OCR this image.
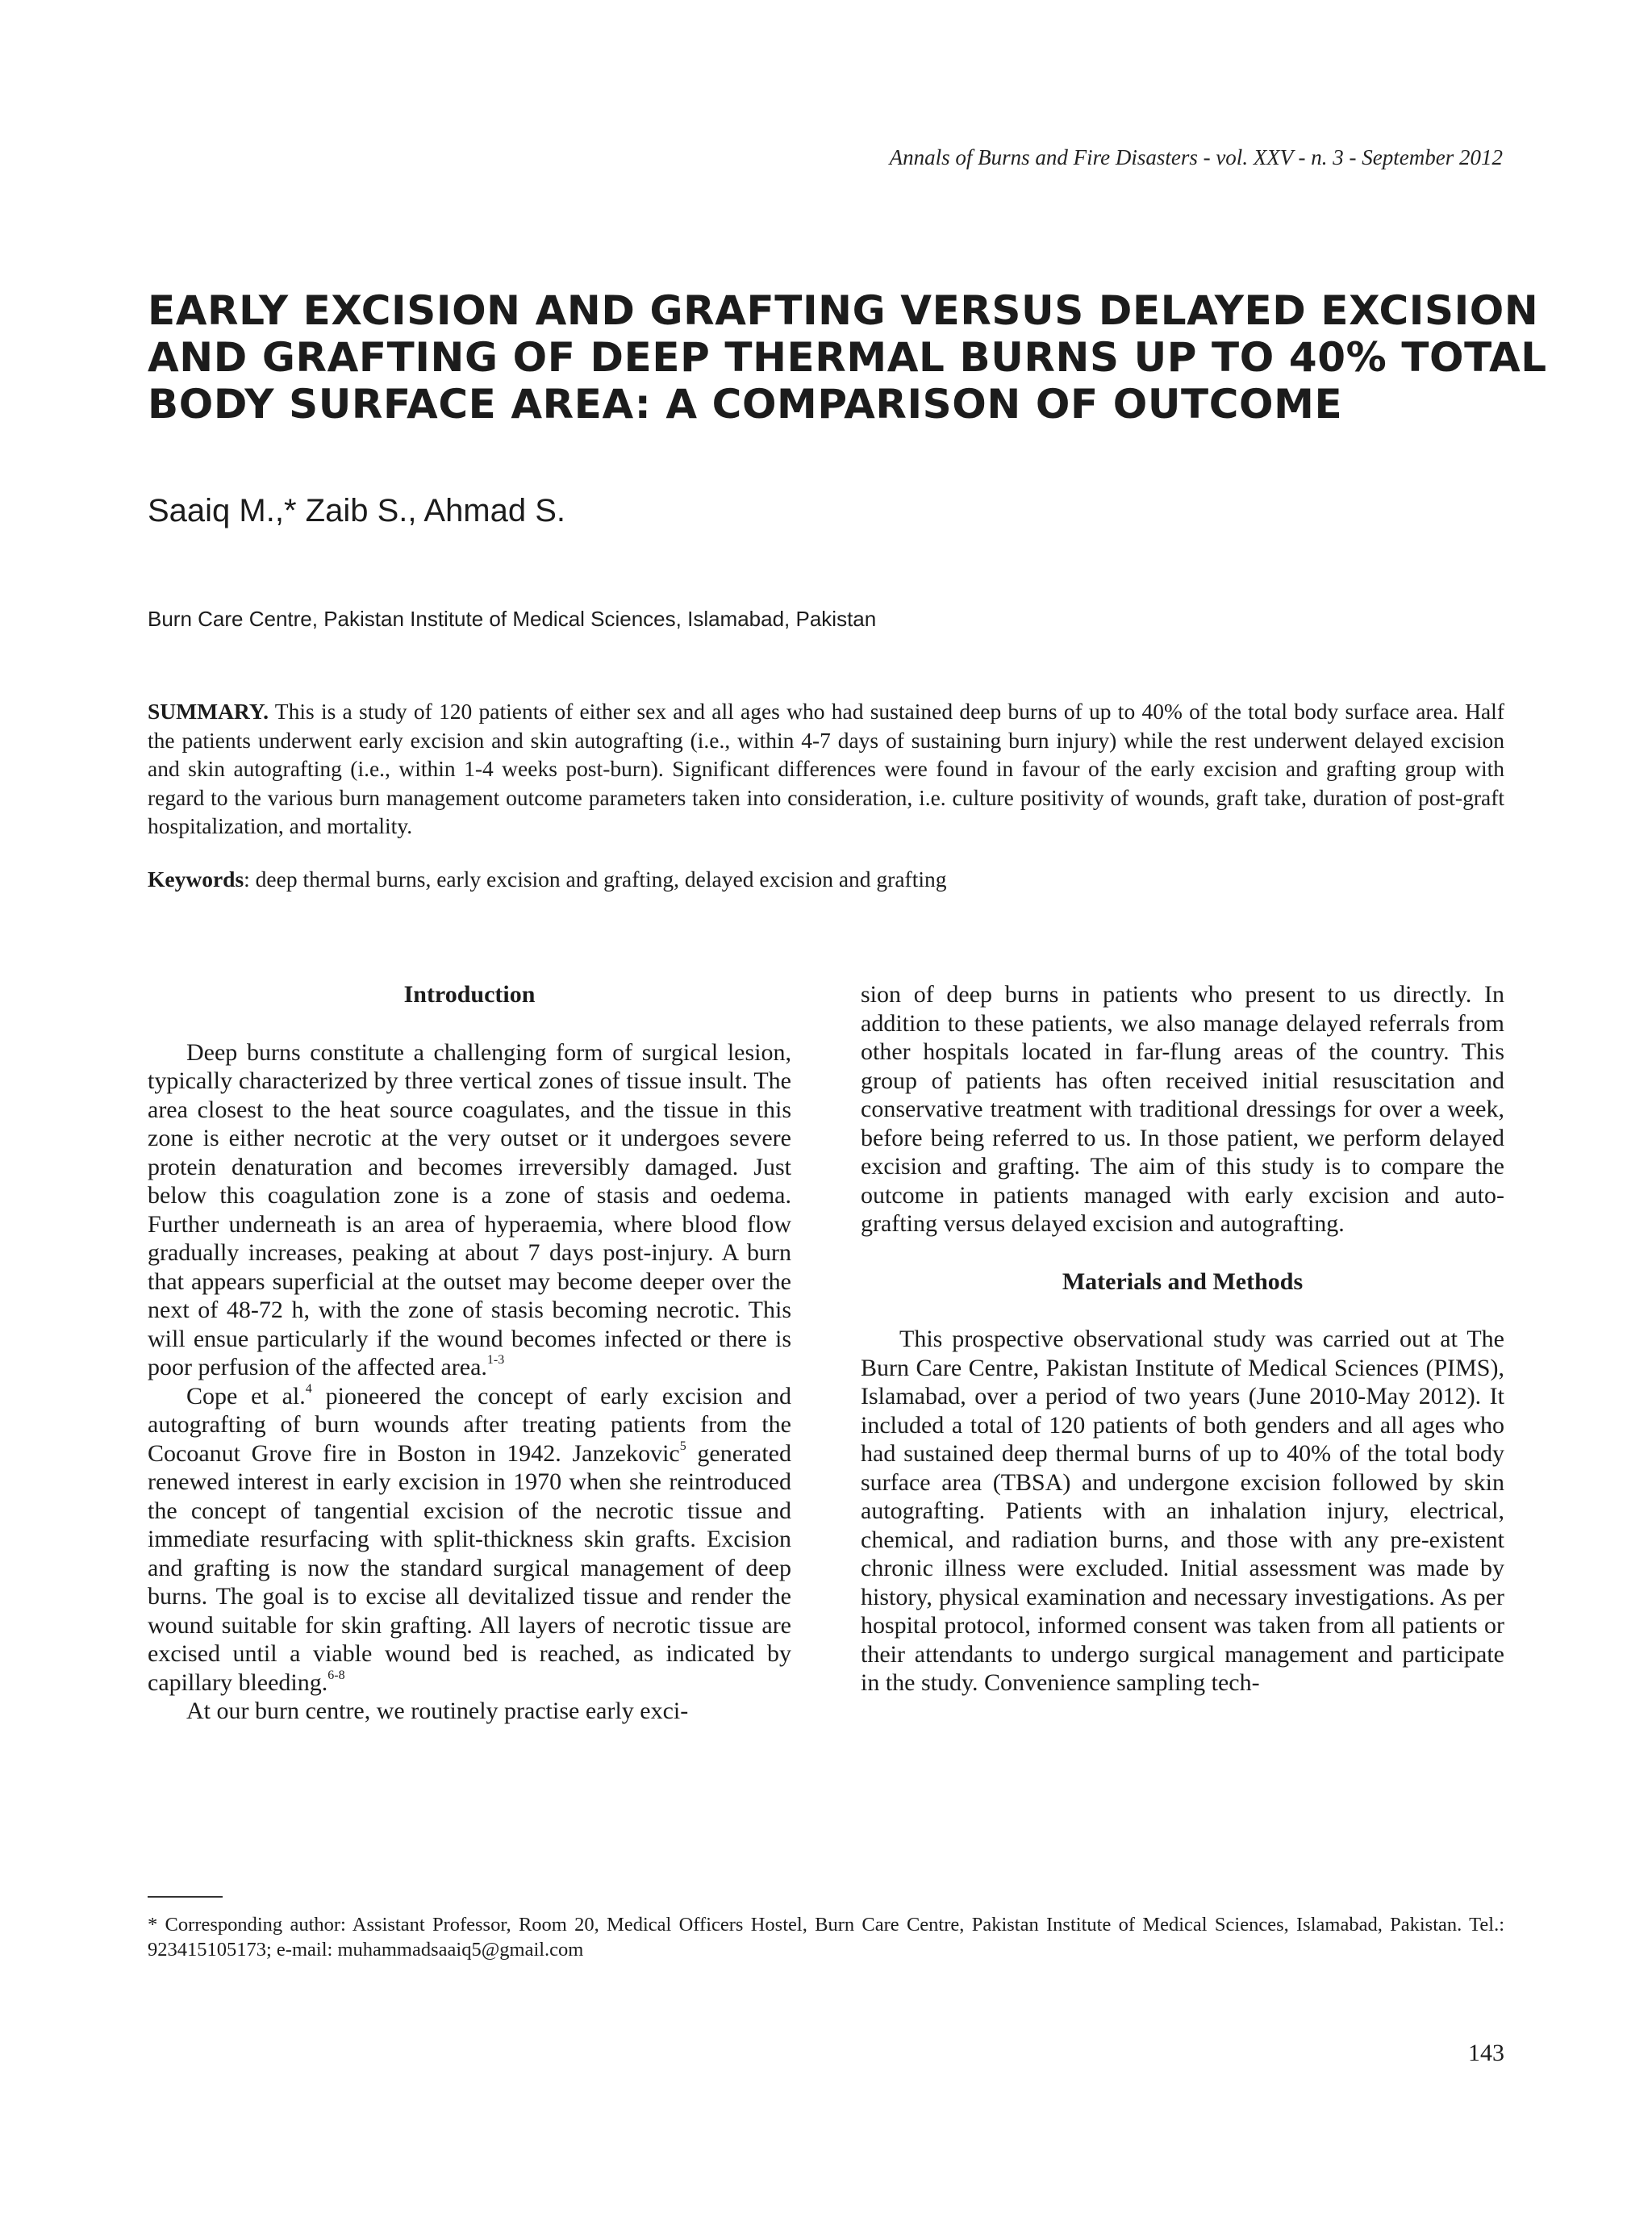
Annals of Burns and Fire Disasters - vol. XXV - n. 3 - September 2012
EARLY EXCISION AND GRAFTING VERSUS DELAYED EXCISION
AND GRAFTING OF DEEP THERMAL BURNS UP TO 40% TOTAL
BODY SURFACE AREA: A COMPARISON OF OUTCOME
Saaiq M.,* Zaib S., Ahmad S.
Burn Care Centre, Pakistan Institute of Medical Sciences, Islamabad, Pakistan

SUMMARY. This is a study of 120 patients of either sex and all ages who had sustained deep burns of up to 40% of the total body surface area. Half the patients underwent early excision and skin autografting (i.e., within 4-7 days of sustaining burn injury) while the rest underwent delayed excision and skin autografting (i.e., within 1-4 weeks post-burn). Significant differences were found in favour of the early excision and grafting group with regard to the various burn management outcome parameters taken into consideration, i.e. culture positivity of wounds, graft take, duration of post-graft hospitalization, and mortality.

Keywords: deep thermal burns, early excision and grafting, delayed excision and grafting

Introduction

Deep burns constitute a challenging form of surgical lesion, typically characterized by three vertical zones of tissue insult. The area closest to the heat source coagulates, and the tissue in this zone is either necrotic at the very outset or it undergoes severe protein denaturation and becomes irreversibly damaged. Just below this coagulation zone is a zone of stasis and oedema. Further underneath is an area of hyperaemia, where blood flow gradually increases, peaking at about 7 days post-injury. A burn that appears superficial at the outset may become deeper over the next of 48-72 h, with the zone of stasis becoming necrotic. This will ensue particularly if the wound becomes infected or there is poor perfusion of the affected area.$^{1-3}$

Cope et al.$^4$ pioneered the concept of early excision and autografting of burn wounds after treating patients from the Cocoanut Grove fire in Boston in 1942. Janzekovic$^5$ generated renewed interest in early excision in 1970 when she reintroduced the concept of tangential excision of the necrotic tissue and immediate resurfacing with split-thickness skin grafts. Excision and grafting is now the standard surgical management of deep burns. The goal is to excise all devitalized tissue and render the wound suitable for skin grafting. All layers of necrotic tissue are excised until a viable wound bed is reached, as indicated by capillary bleeding.$^{6-8}$

At our burn centre, we routinely practise early exci-

sion of deep burns in patients who present to us directly. In addition to these patients, we also manage delayed referrals from other hospitals located in far-flung areas of the country. This group of patients has often received initial resuscitation and conservative treatment with traditional dressings for over a week, before being referred to us. In those patient, we perform delayed excision and grafting. The aim of this study is to compare the outcome in patients managed with early excision and auto-grafting versus delayed excision and autografting.

Materials and Methods

This prospective observational study was carried out at The Burn Care Centre, Pakistan Institute of Medical Sciences (PIMS), Islamabad, over a period of two years (June 2010-May 2012). It included a total of 120 patients of both genders and all ages who had sustained deep thermal burns of up to 40% of the total body surface area (TBSA) and undergone excision followed by skin autografting. Patients with an inhalation injury, electrical, chemical, and radiation burns, and those with any pre-existent chronic illness were excluded. Initial assessment was made by history, physical examination and necessary investigations. As per hospital protocol, informed consent was taken from all patients or their attendants to undergo surgical management and participate in the study. Convenience sampling tech-

* Corresponding author: Assistant Professor, Room 20, Medical Officers Hostel, Burn Care Centre, Pakistan Institute of Medical Sciences, Islamabad, Pakistan. Tel.: 923415105173; e-mail: muhammadsaaiq5@gmail.com

143
